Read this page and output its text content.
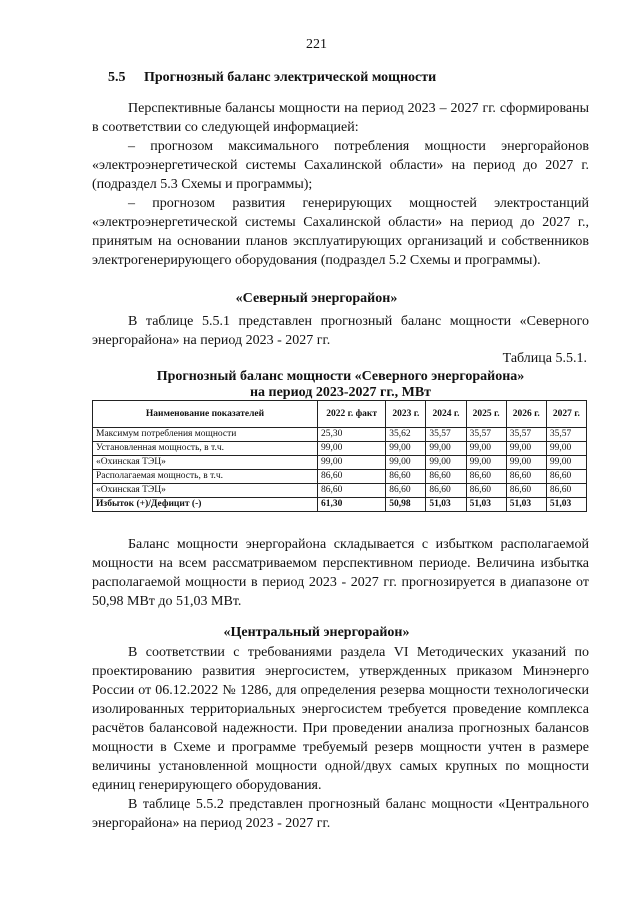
221
5.5 Прогнозный баланс электрической мощности
Перспективные балансы мощности на период 2023 – 2027 гг. сформированы в соответствии со следующей информацией:
– прогнозом максимального потребления мощности энергорайонов «электроэнергетической системы Сахалинской области» на период до 2027 г. (подраздел 5.3 Схемы и программы);
– прогнозом развития генерирующих мощностей электростанций «электроэнергетической системы Сахалинской области» на период до 2027 г., принятым на основании планов эксплуатирующих организаций и собственников электрогенерирующего оборудования (подраздел 5.2 Схемы и программы).
«Северный энергорайон»
В таблице 5.5.1 представлен прогнозный баланс мощности «Северного энергорайона» на период 2023 - 2027 гг.
Таблица 5.5.1.
Прогнозный баланс мощности «Северного энергорайона»
на период 2023-2027 гг., МВт
Наименование показателей	2022 г. факт	2023 г.	2024 г.	2025 г.	2026 г.	2027 г.
Максимум потребления мощности	25,30	35,62	35,57	35,57	35,57	35,57
Установленная мощность, в т.ч.	99,00	99,00	99,00	99,00	99,00	99,00
«Охинская ТЭЦ»	99,00	99,00	99,00	99,00	99,00	99,00
Располагаемая мощность, в т.ч.	86,60	86,60	86,60	86,60	86,60	86,60
«Охинская ТЭЦ»	86,60	86,60	86,60	86,60	86,60	86,60
Избыток (+)/Дефицит (-)	61,30	50,98	51,03	51,03	51,03	51,03
Баланс мощности энергорайона складывается с избытком располагаемой мощности на всем рассматриваемом перспективном периоде. Величина избытка располагаемой мощности в период 2023 - 2027 гг. прогнозируется в диапазоне от 50,98 МВт до 51,03 МВт.
«Центральный энергорайон»
В соответствии с требованиями раздела VI Методических указаний по проектированию развития энергосистем, утвержденных приказом Минэнерго России от 06.12.2022 № 1286, для определения резерва мощности технологически изолированных территориальных энергосистем требуется проведение комплекса расчётов балансовой надежности. При проведении анализа прогнозных балансов мощности в Схеме и программе требуемый резерв мощности учтен в размере величины установленной мощности одной/двух самых крупных по мощности единиц генерирующего оборудования.
В таблице 5.5.2 представлен прогнозный баланс мощности «Центрального энергорайона» на период 2023 - 2027 гг.
